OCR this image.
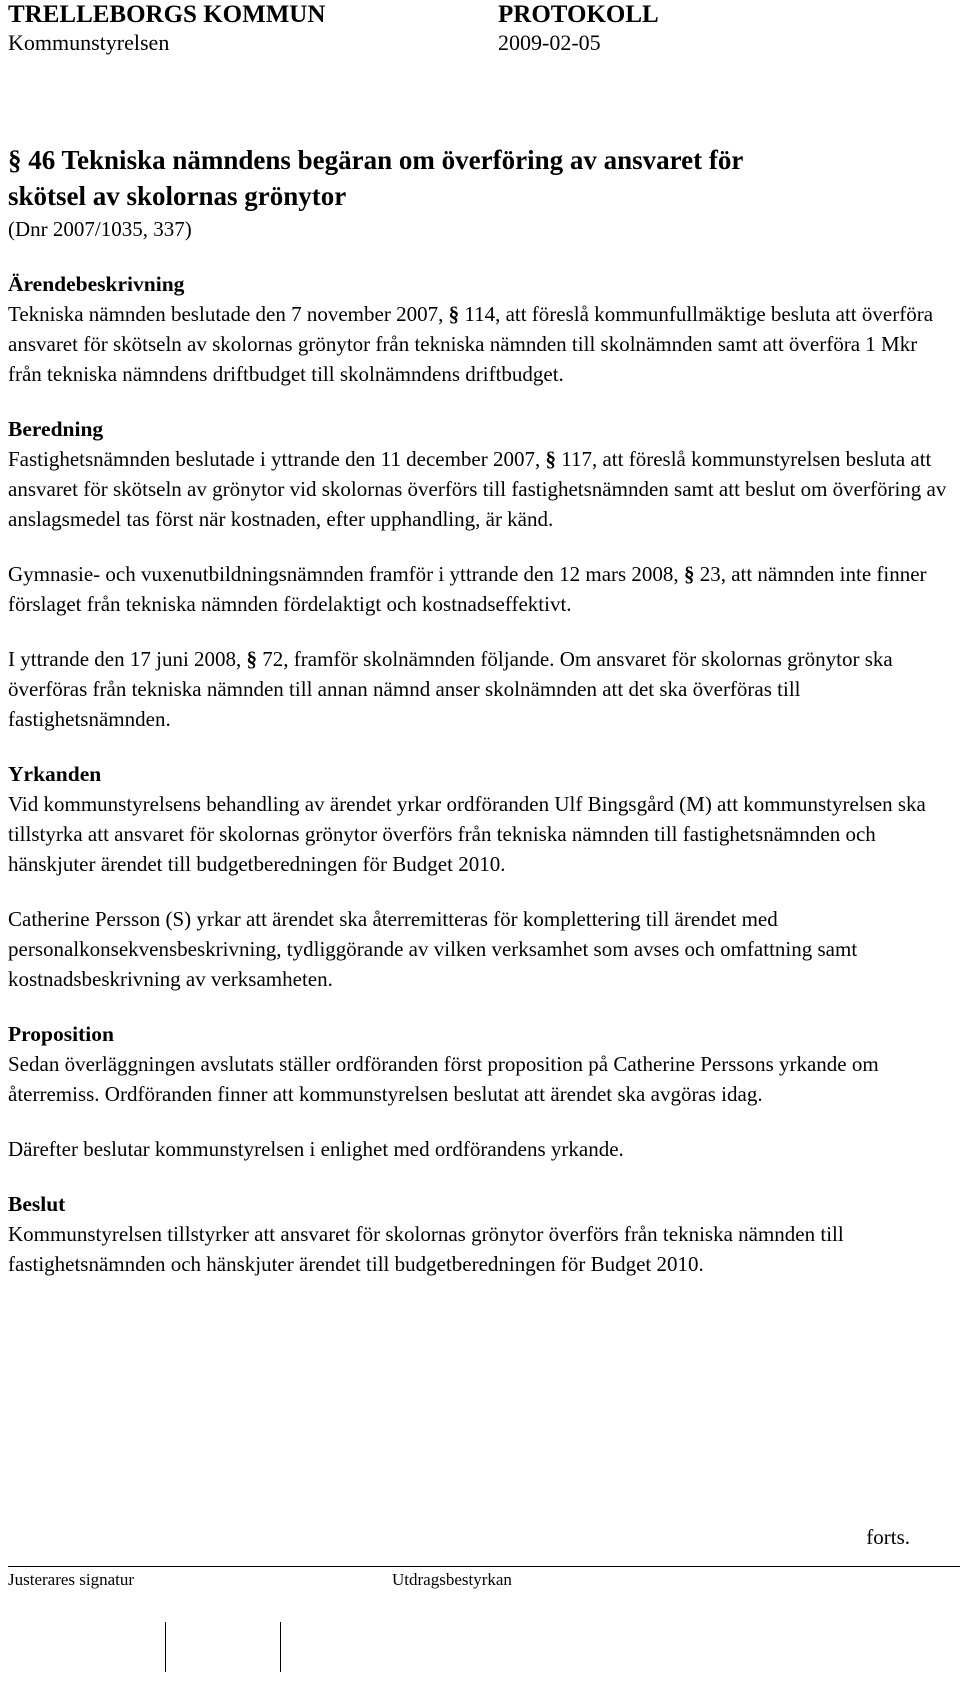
TRELLEBORGS KOMMUN	PROTOKOLL
Kommunstyrelsen	2009-02-05
§ 46 Tekniska nämndens begäran om överföring av ansvaret för
skötsel av skolornas grönytor

(Dnr 2007/1035, 337)

Ärendebeskrivning

Tekniska nämnden beslutade den 7 november 2007, § 114, att föreslå kommunfullmäktige besluta att överföra ansvaret för skötseln av skolornas grönytor från tekniska nämnden till skolnämnden samt att överföra 1 Mkr från tekniska nämndens driftbudget till skolnämndens driftbudget.

Beredning

Fastighetsnämnden beslutade i yttrande den 11 december 2007, § 117, att föreslå kommunstyrelsen besluta att ansvaret för skötseln av grönytor vid skolornas överförs till fastighetsnämnden samt att beslut om överföring av anslagsmedel tas först när kostnaden, efter upphandling, är känd.

Gymnasie- och vuxenutbildningsnämnden framför i yttrande den 12 mars 2008, § 23, att nämnden inte finner förslaget från tekniska nämnden fördelaktigt och kostnadseffektivt.

I yttrande den 17 juni 2008, § 72, framför skolnämnden följande. Om ansvaret för skolornas grönytor ska överföras från tekniska nämnden till annan nämnd anser skolnämnden att det ska överföras till fastighetsnämnden.

Yrkanden

Vid kommunstyrelsens behandling av ärendet yrkar ordföranden Ulf Bingsgård (M) att kommunstyrelsen ska tillstyrka att ansvaret för skolornas grönytor överförs från tekniska nämnden till fastighetsnämnden och hänskjuter ärendet till budgetberedningen för Budget 2010.

Catherine Persson (S) yrkar att ärendet ska återremitteras för komplettering till ärendet med personalkonsekvensbeskrivning, tydliggörande av vilken verksamhet som avses och omfattning samt kostnadsbeskrivning av verksamheten.

Proposition

Sedan överläggningen avslutats ställer ordföranden först proposition på Catherine Perssons yrkande om återremiss. Ordföranden finner att kommunstyrelsen beslutat att ärendet ska avgöras idag.

Därefter beslutar kommunstyrelsen i enlighet med ordförandens yrkande.

Beslut

Kommunstyrelsen tillstyrker att ansvaret för skolornas grönytor överförs från tekniska nämnden till fastighetsnämnden och hänskjuter ärendet till budgetberedningen för Budget 2010.

forts.
Justerares signatur	Utdragsbestyrkan
